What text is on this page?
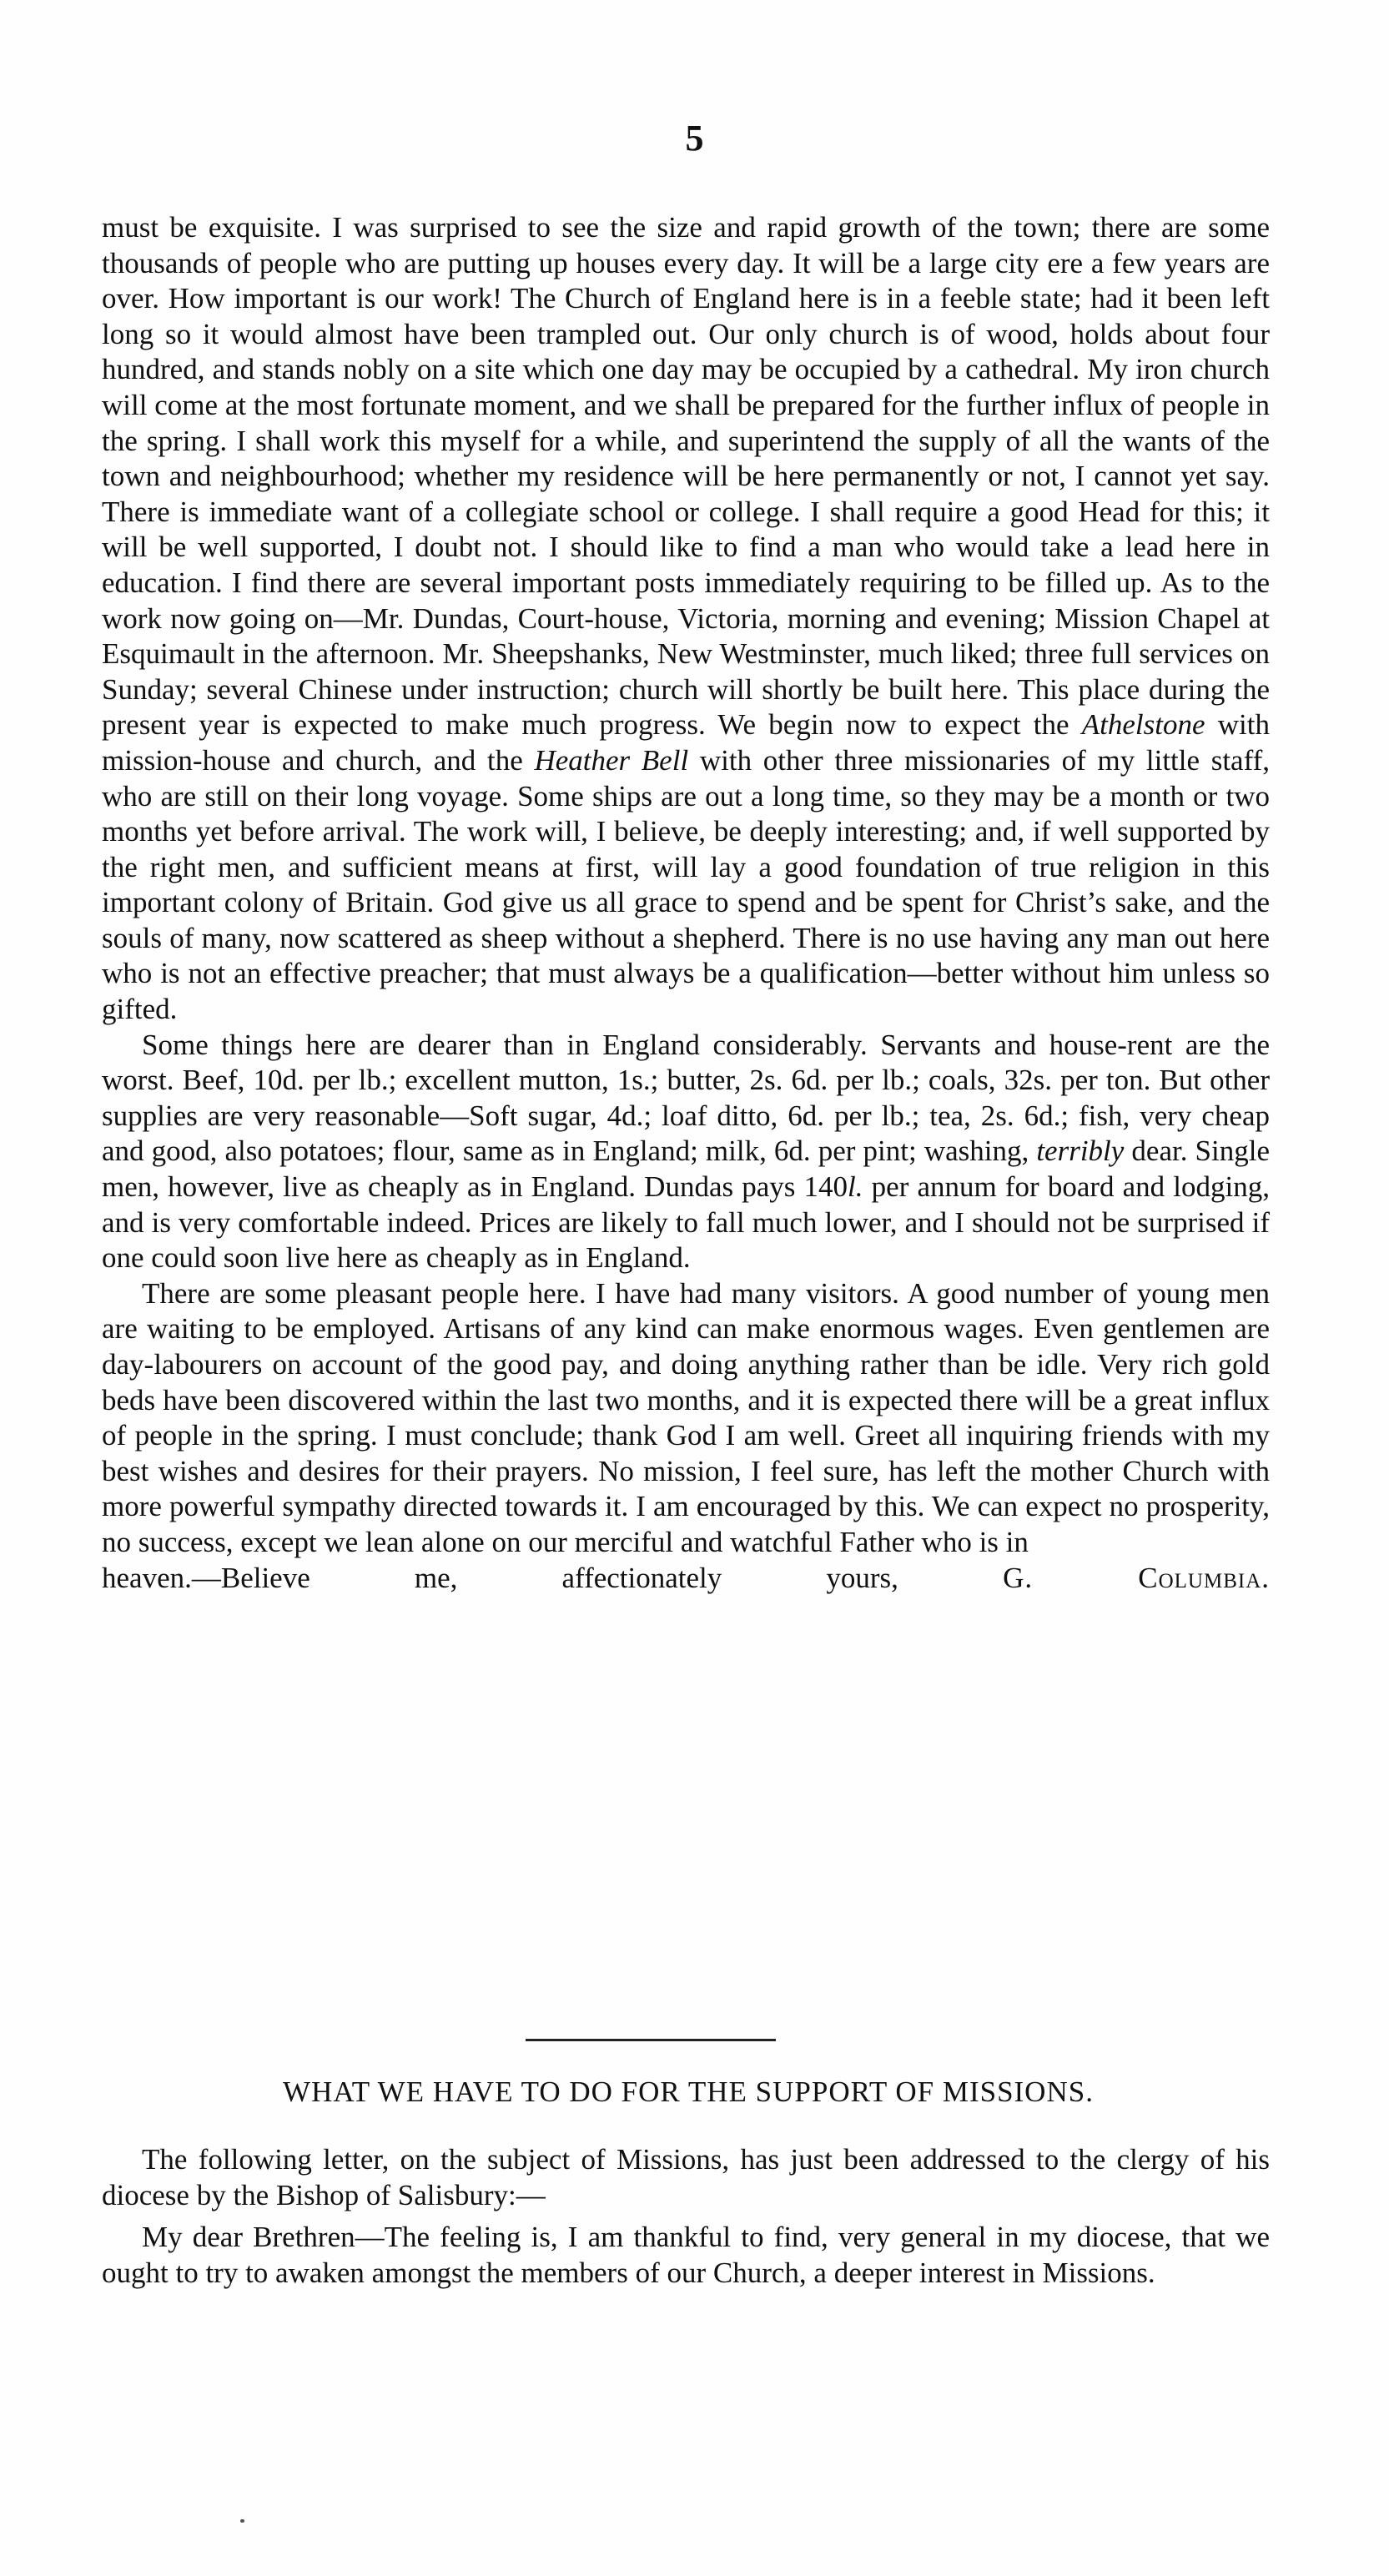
5

must be exquisite. I was surprised to see the size and rapid growth of the town; there are some thousands of people who are putting up houses every day. It will be a large city ere a few years are over. How important is our work! The Church of England here is in a feeble state; had it been left long so it would almost have been trampled out. Our only church is of wood, holds about four hundred, and stands nobly on a site which one day may be occupied by a cathedral. My iron church will come at the most fortunate moment, and we shall be prepared for the further influx of people in the spring. I shall work this myself for a while, and superintend the supply of all the wants of the town and neighbourhood; whether my residence will be here permanently or not, I cannot yet say. There is immediate want of a collegiate school or college. I shall require a good Head for this; it will be well supported, I doubt not. I should like to find a man who would take a lead here in education. I find there are several important posts immediately requiring to be filled up. As to the work now going on—Mr. Dundas, Court-house, Victoria, morning and evening; Mission Chapel at Esquimault in the afternoon. Mr. Sheepshanks, New Westminster, much liked; three full services on Sunday; several Chinese under instruction; church will shortly be built here. This place during the present year is expected to make much progress. We begin now to expect the Athelstone with mission-house and church, and the Heather Bell with other three missionaries of my little staff, who are still on their long voyage. Some ships are out a long time, so they may be a month or two months yet before arrival. The work will, I believe, be deeply interesting; and, if well supported by the right men, and sufficient means at first, will lay a good foundation of true religion in this important colony of Britain. God give us all grace to spend and be spent for Christ’s sake, and the souls of many, now scattered as sheep without a shepherd. There is no use having any man out here who is not an effective preacher; that must always be a qualification—better without him unless so gifted.

Some things here are dearer than in England considerably. Servants and house-rent are the worst. Beef, 10d. per lb.; excellent mutton, 1s.; butter, 2s. 6d. per lb.; coals, 32s. per ton. But other supplies are very reasonable—Soft sugar, 4d.; loaf ditto, 6d. per lb.; tea, 2s. 6d.; fish, very cheap and good, also potatoes; flour, same as in England; milk, 6d. per pint; washing, terribly dear. Single men, however, live as cheaply as in England. Dundas pays 140l. per annum for board and lodging, and is very comfortable indeed. Prices are likely to fall much lower, and I should not be surprised if one could soon live here as cheaply as in England.

There are some pleasant people here. I have had many visitors. A good number of young men are waiting to be employed. Artisans of any kind can make enormous wages. Even gentlemen are day-labourers on account of the good pay, and doing anything rather than be idle. Very rich gold beds have been discovered within the last two months, and it is expected there will be a great influx of people in the spring. I must conclude; thank God I am well. Greet all inquiring friends with my best wishes and desires for their prayers. No mission, I feel sure, has left the mother Church with more powerful sympathy directed towards it. I am encouraged by this. We can expect no prosperity, no success, except we lean alone on our merciful and watchful Father who is in

heaven.—Believe me, affectionately yours,	G. Columbia.

WHAT WE HAVE TO DO FOR THE SUPPORT OF MISSIONS.

The following letter, on the subject of Missions, has just been addressed to the clergy of his diocese by the Bishop of Salisbury:—

My dear Brethren—The feeling is, I am thankful to find, very general in my diocese, that we ought to try to awaken amongst the members of our Church, a deeper interest in Missions.
